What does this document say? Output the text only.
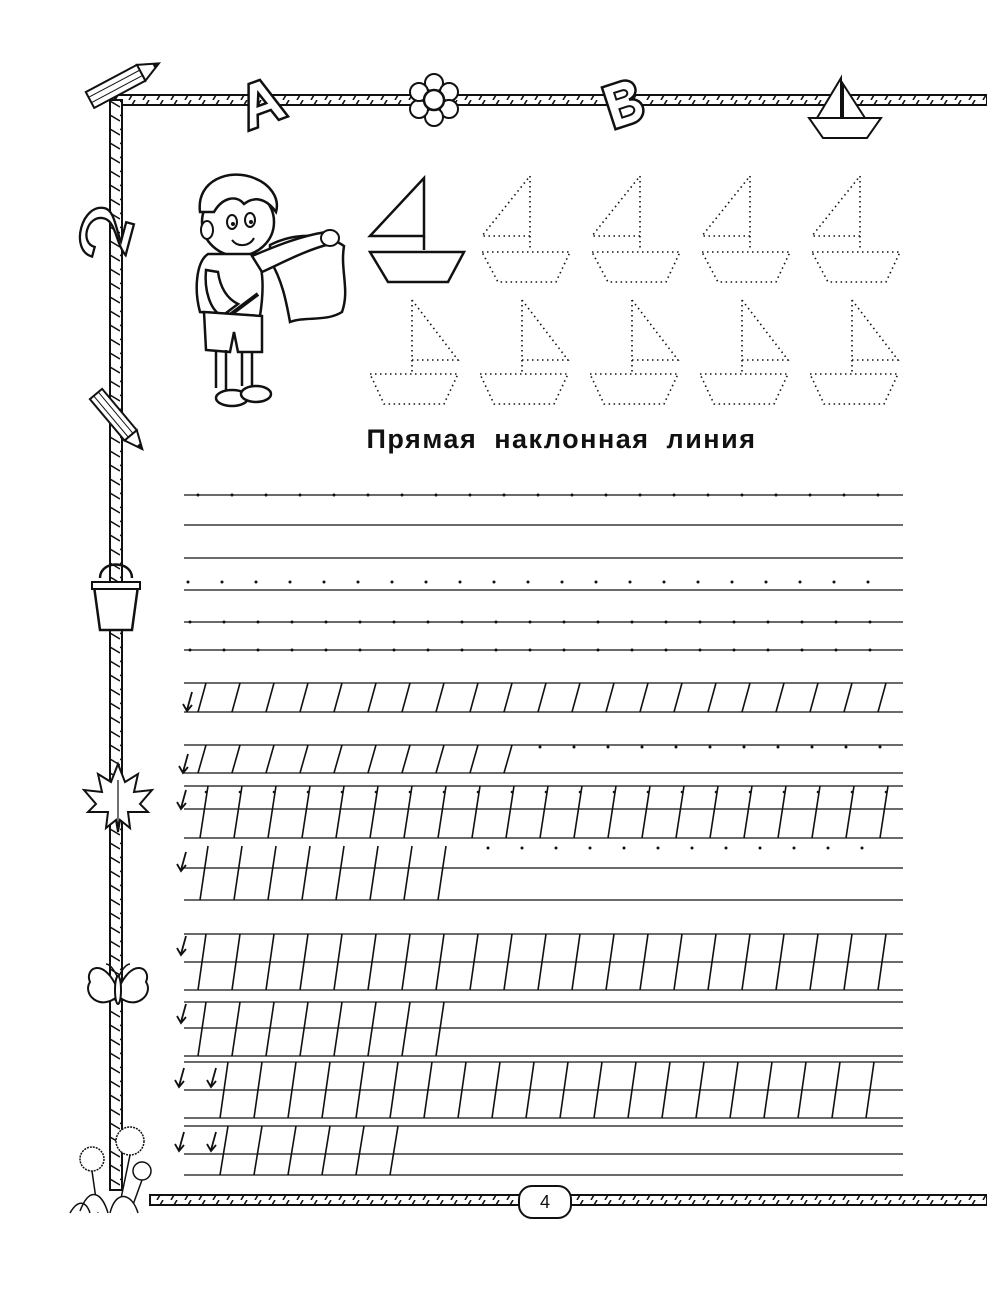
Прямая наклонная линия
4
